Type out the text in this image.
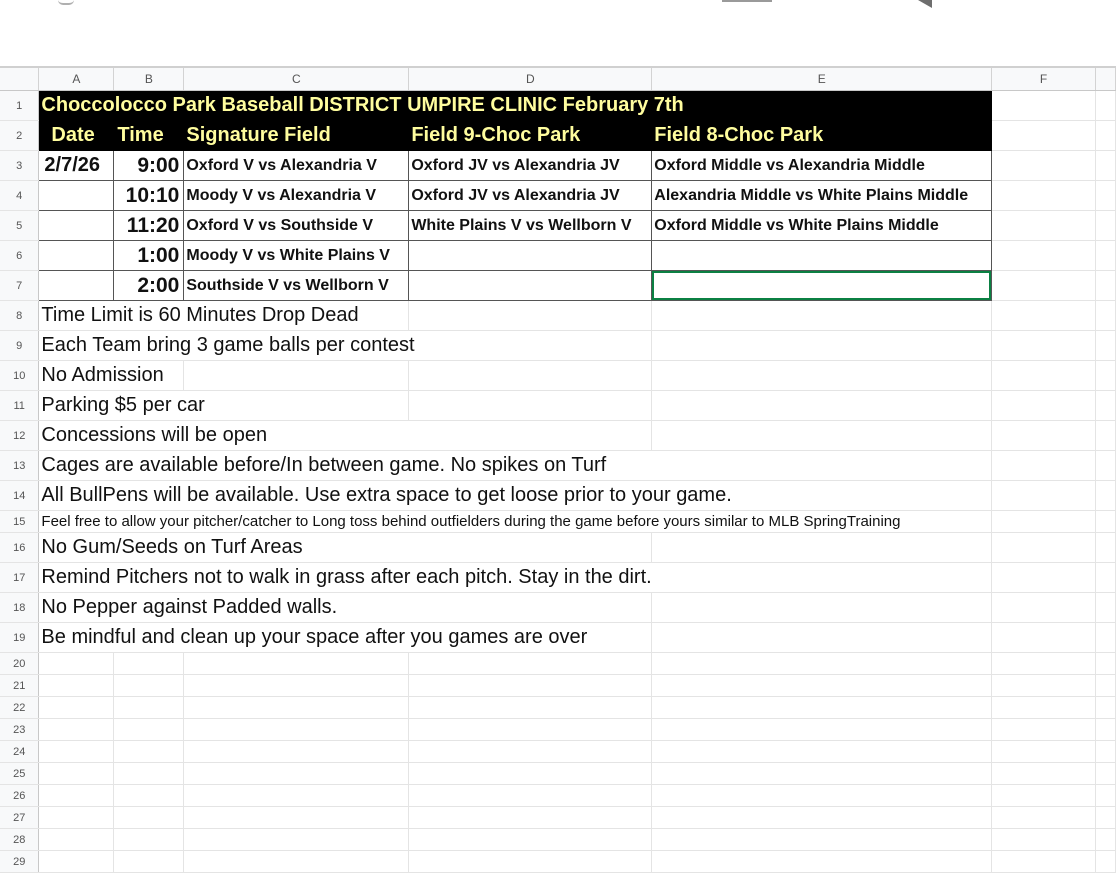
	A	B	C	D	E	F	
1	Choccolocco Park Baseball DISTRICT UMPIRE CLINIC February 7th						
2	Date	Time	Signature Field	Field 9-Choc Park	Field 8-Choc Park		
3	2/7/26	9:00	Oxford V vs Alexandria V	Oxford JV vs Alexandria JV	Oxford Middle vs Alexandria Middle		
4		10:10	Moody V vs Alexandria V	Oxford JV vs Alexandria JV	Alexandria Middle vs White Plains Middle		
5		11:20	Oxford V vs Southside V	White Plains V vs Wellborn V	Oxford Middle vs White Plains Middle		
6		1:00	Moody V vs White Plains V				
7		2:00	Southside V vs Wellborn V				
8	Time Limit is 60 Minutes Drop Dead						
9	Each Team bring 3 game balls per contest						
10	No Admission						
11	Parking $5 per car						
12	Concessions will be open						
13	Cages are available before/In between game. No spikes on Turf						
14	All BullPens will be available. Use extra space to get loose prior to your game.						
15	Feel free to allow your pitcher/catcher to Long toss behind outfielders during the game before yours similar to MLB SpringTraining						
16	No Gum/Seeds on Turf Areas						
17	Remind Pitchers not to walk in grass after each pitch. Stay in the dirt.						
18	No Pepper against Padded walls.						
19	Be mindful and clean up your space after you games are over						
20							
21							
22							
23							
24							
25							
26							
27							
28							
29							
